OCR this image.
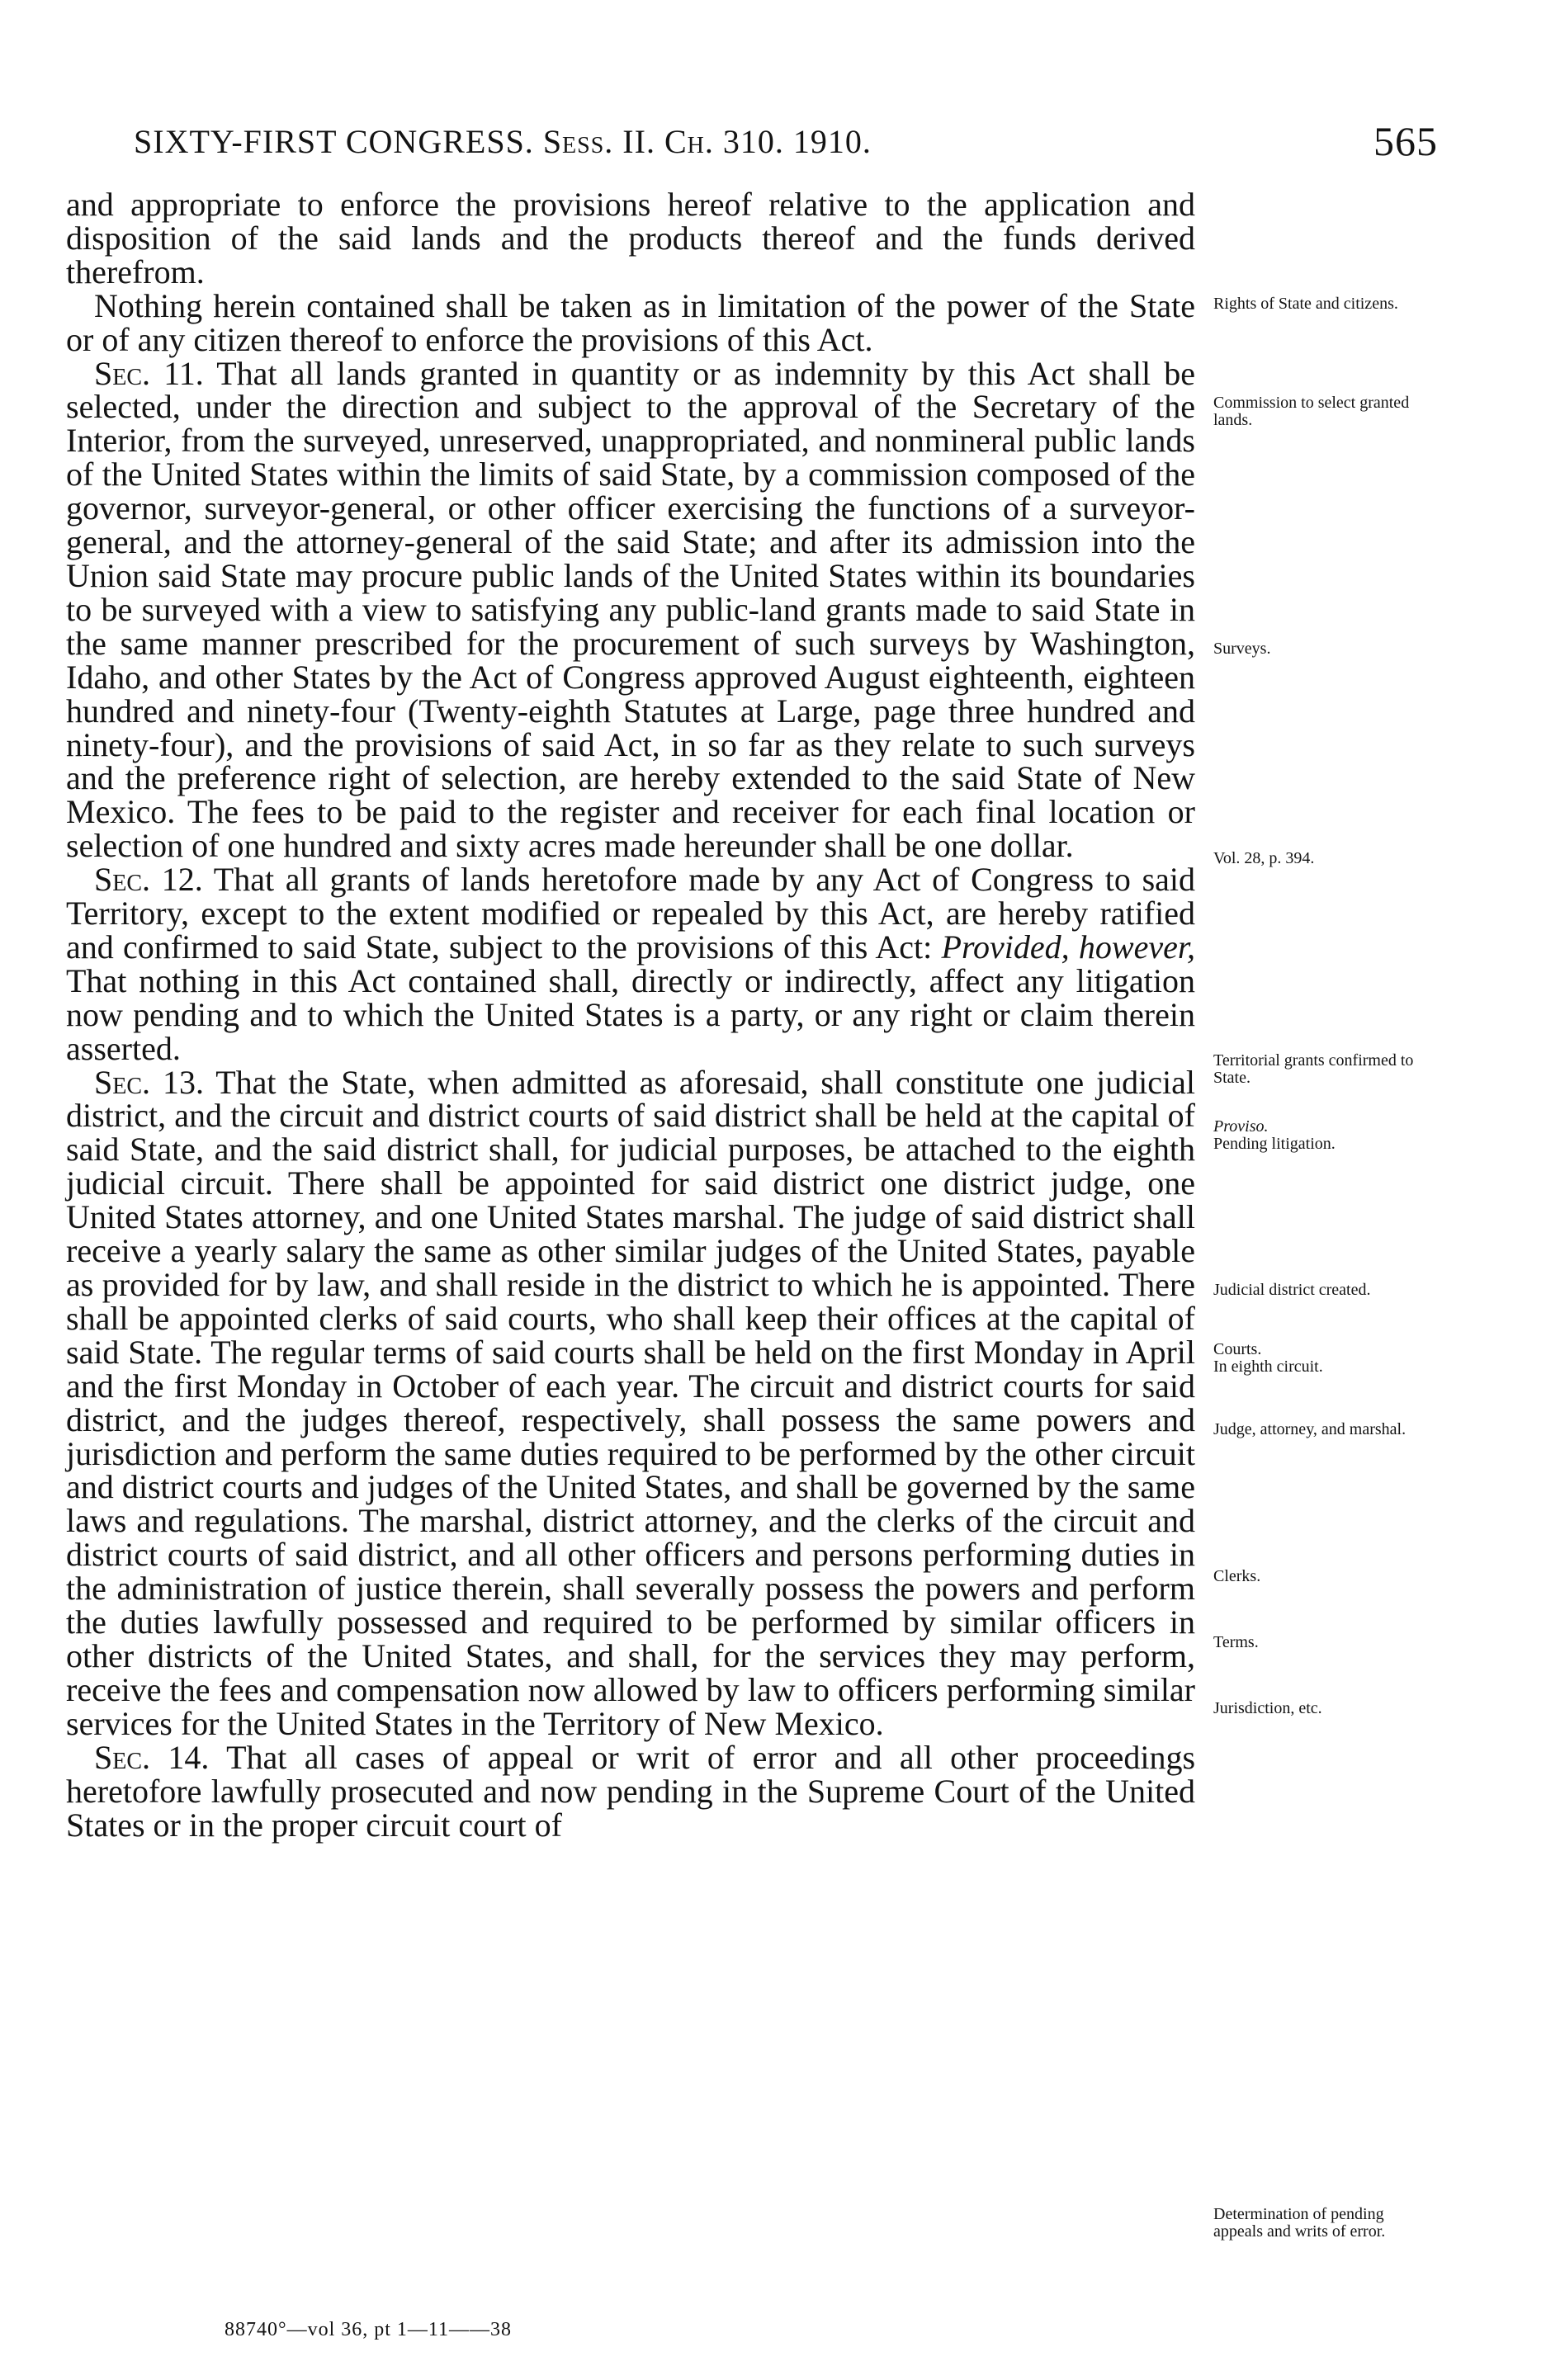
SIXTY-FIRST CONGRESS. Sess. II. Ch. 310. 1910.	565

and appropriate to enforce the provisions hereof relative to the application and disposition of the said lands and the products thereof and the funds derived therefrom.

Nothing herein contained shall be taken as in limitation of the power of the State or of any citizen thereof to enforce the provisions of this Act.

Sec. 11. That all lands granted in quantity or as indemnity by this Act shall be selected, under the direction and subject to the approval of the Secretary of the Interior, from the surveyed, unreserved, unappropriated, and nonmineral public lands of the United States within the limits of said State, by a commission composed of the governor, surveyor-general, or other officer exercising the functions of a surveyor-general, and the attorney-general of the said State; and after its admission into the Union said State may procure public lands of the United States within its boundaries to be surveyed with a view to satisfying any public-land grants made to said State in the same manner prescribed for the procurement of such surveys by Washington, Idaho, and other States by the Act of Congress approved August eighteenth, eighteen hundred and ninety-four (Twenty-eighth Statutes at Large, page three hundred and ninety-four), and the provisions of said Act, in so far as they relate to such surveys and the preference right of selection, are hereby extended to the said State of New Mexico. The fees to be paid to the register and receiver for each final location or selection of one hundred and sixty acres made hereunder shall be one dollar.

Sec. 12. That all grants of lands heretofore made by any Act of Congress to said Territory, except to the extent modified or repealed by this Act, are hereby ratified and confirmed to said State, subject to the provisions of this Act: Provided, however, That nothing in this Act contained shall, directly or indirectly, affect any litigation now pending and to which the United States is a party, or any right or claim therein asserted.

Sec. 13. That the State, when admitted as aforesaid, shall constitute one judicial district, and the circuit and district courts of said district shall be held at the capital of said State, and the said district shall, for judicial purposes, be attached to the eighth judicial circuit. There shall be appointed for said district one district judge, one United States attorney, and one United States marshal. The judge of said district shall receive a yearly salary the same as other similar judges of the United States, payable as provided for by law, and shall reside in the district to which he is appointed. There shall be appointed clerks of said courts, who shall keep their offices at the capital of said State. The regular terms of said courts shall be held on the first Monday in April and the first Monday in October of each year. The circuit and district courts for said district, and the judges thereof, respectively, shall possess the same powers and jurisdiction and perform the same duties required to be performed by the other circuit and district courts and judges of the United States, and shall be governed by the same laws and regulations. The marshal, district attorney, and the clerks of the circuit and district courts of said district, and all other officers and persons performing duties in the administration of justice therein, shall severally possess the powers and perform the duties lawfully possessed and required to be performed by similar officers in other districts of the United States, and shall, for the services they may perform, receive the fees and compensation now allowed by law to officers performing similar services for the United States in the Territory of New Mexico.

Sec. 14. That all cases of appeal or writ of error and all other proceedings heretofore lawfully prosecuted and now pending in the Supreme Court of the United States or in the proper circuit court of

Rights of State and citizens.
Commission to select granted lands.
Surveys.
Vol. 28, p. 394.
Territorial grants confirmed to State.
Proviso.
Pending litigation.
Judicial district created.
Courts.
In eighth circuit.
Judge, attorney, and marshal.
Clerks.
Terms.
Jurisdiction, etc.
Determination of pending appeals and writs of error.
88740°—vol 36, pt 1—11——38
